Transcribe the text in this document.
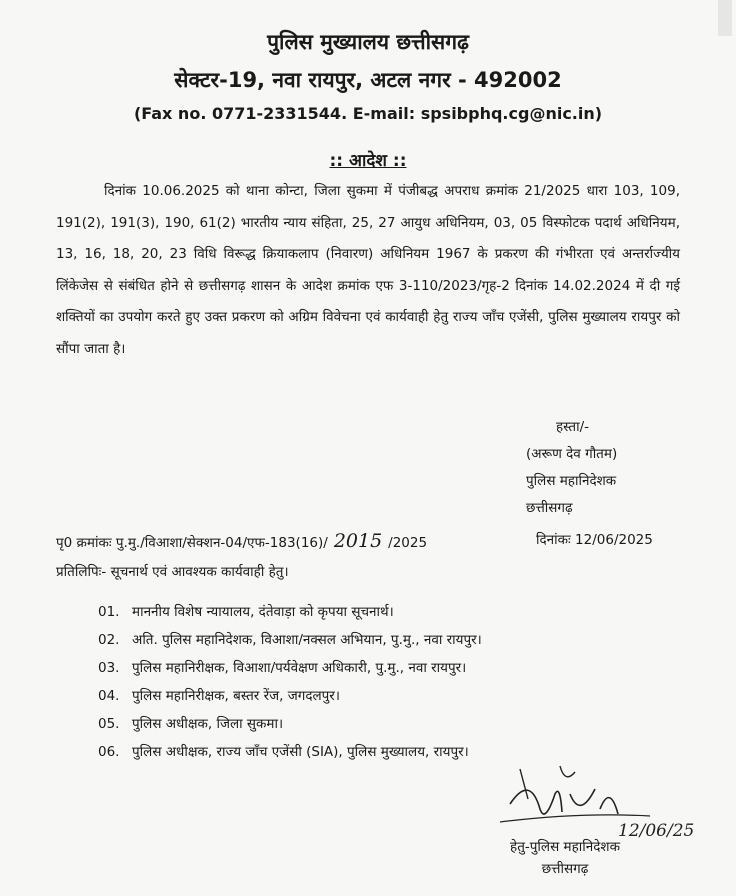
पुलिस मुख्यालय छत्तीसगढ़
सेक्टर-19, नवा रायपुर, अटल नगर - 492002
(Fax no. 0771-2331544. E-mail: spsibphq.cg@nic.in)
:: आदेश ::

दिनांक 10.06.2025 को थाना कोन्टा, जिला सुकमा में पंजीबद्ध अपराध क्रमांक 21/2025 धारा 103, 109, 191(2), 191(3), 190, 61(2) भारतीय न्याय संहिता, 25, 27 आयुध अधिनियम, 03, 05 विस्फोटक पदार्थ अधिनियम, 13, 16, 18, 20, 23 विधि विरूद्ध क्रियाकलाप (निवारण) अधिनियम 1967 के प्रकरण की गंभीरता एवं अन्तर्राज्यीय लिंकेजेस से संबंधित होने से छत्तीसगढ़ शासन के आदेश क्रमांक एफ 3-110/2023/गृह-2 दिनांक 14.02.2024 में दी गई शक्तियों का उपयोग करते हुए उक्त प्रकरण को अग्रिम विवेचना एवं कार्यवाही हेतु राज्य जाँच एजेंसी, पुलिस मुख्यालय रायपुर को सौंपा जाता है।

हस्ता/-
(अरूण देव गौतम)
पुलिस महानिदेशक
छत्तीसगढ़
पृ0 क्रमांकः पु.मु./विआशा/सेक्शन-04/एफ-183(16)/ 2015 /2025	दिनांकः 12/06/2025
प्रतिलिपिः- सूचनार्थ एवं आवश्यक कार्यवाही हेतु।
01. माननीय विशेष न्यायालय, दंतेवाड़ा को कृपया सूचनार्थ।
02. अति. पुलिस महानिदेशक, विआशा/नक्सल अभियान, पु.मु., नवा रायपुर।
03. पुलिस महानिरीक्षक, विआशा/पर्यवेक्षण अधिकारी, पु.मु., नवा रायपुर।
04. पुलिस महानिरीक्षक, बस्तर रेंज, जगदलपुर।
05. पुलिस अधीक्षक, जिला सुकमा।
06. पुलिस अधीक्षक, राज्य जाँच एजेंसी (SIA), पुलिस मुख्यालय, रायपुर।
12/06/25
हेतु-पुलिस महानिदेशक
छत्तीसगढ़
